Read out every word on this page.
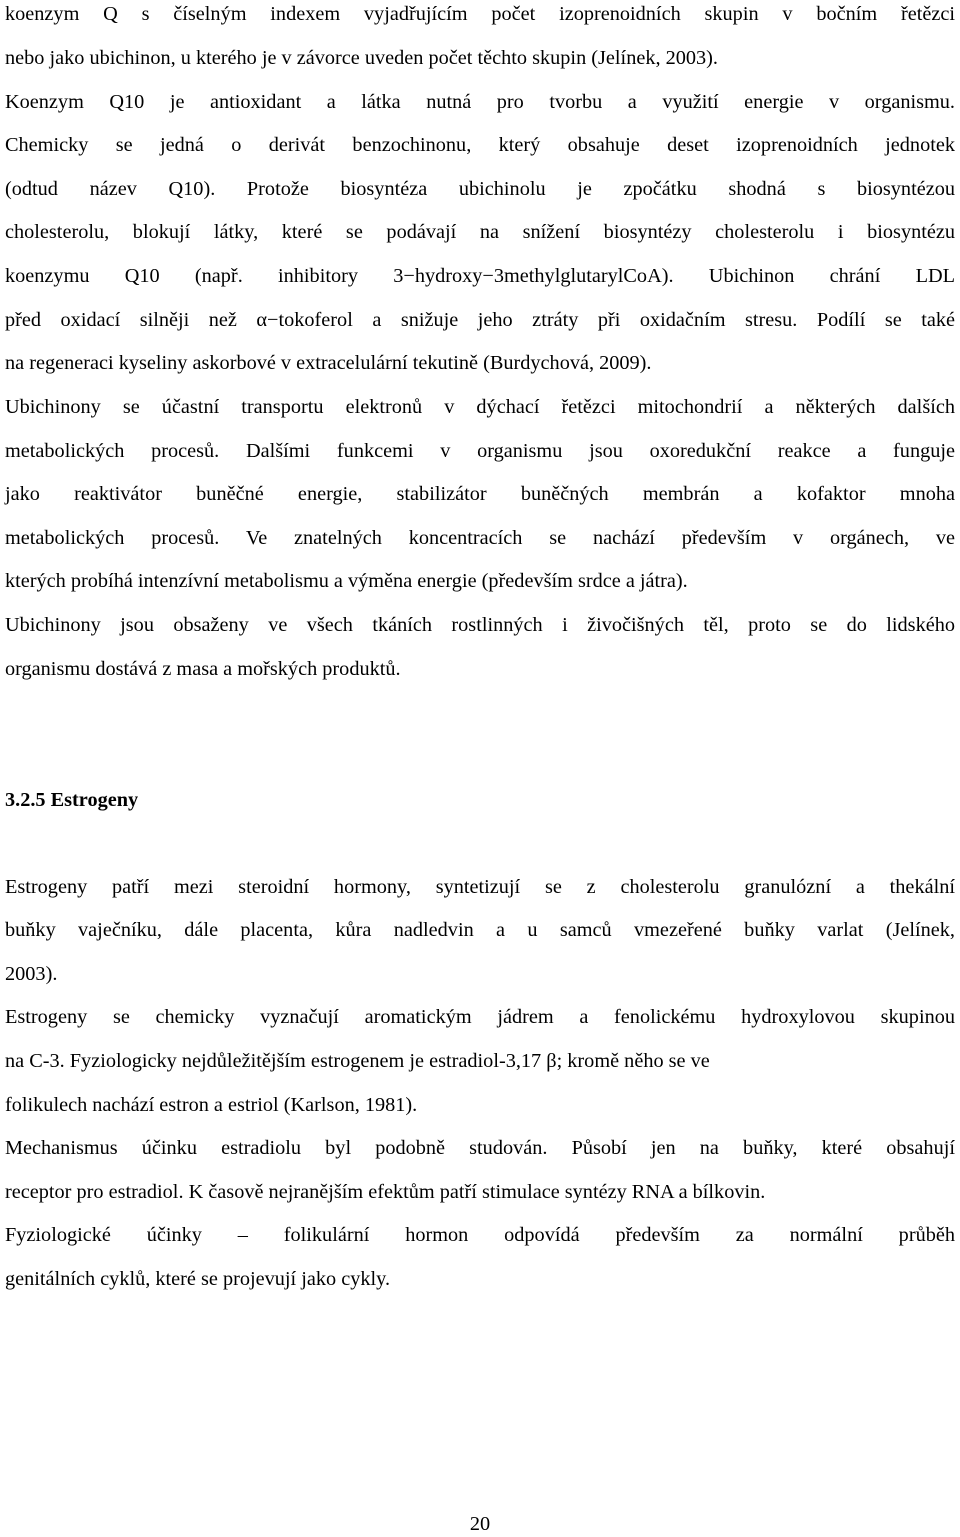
koenzym Q s číselným indexem vyjadřujícím počet izoprenoidních skupin v bočním řetězci
nebo jako ubichinon, u kterého je v závorce uveden počet těchto skupin (Jelínek, 2003).
Koenzym Q10 je antioxidant a látka nutná pro tvorbu a využití energie v organismu.
Chemicky se jedná o derivát benzochinonu, který obsahuje deset izoprenoidních jednotek
(odtud název Q10). Protože biosyntéza ubichinolu je zpočátku shodná s biosyntézou
cholesterolu, blokují látky, které se podávají na snížení biosyntézy cholesterolu i biosyntézu
koenzymu Q10 (např. inhibitory 3−hydroxy−3methylglutarylCoA). Ubichinon chrání LDL
před oxidací silněji než α−tokoferol a snižuje jeho ztráty při oxidačním stresu. Podílí se také
na regeneraci kyseliny askorbové v extracelulární tekutině (Burdychová, 2009).
Ubichinony se účastní transportu elektronů v dýchací řetězci mitochondrií a některých dalších
metabolických procesů. Dalšími funkcemi v organismu jsou oxoredukční reakce a funguje
jako reaktivátor buněčné energie, stabilizátor buněčných membrán a kofaktor mnoha
metabolických procesů. Ve znatelných koncentracích se nachází především v orgánech, ve
kterých probíhá intenzívní metabolismu a výměna energie (především srdce a játra).
Ubichinony jsou obsaženy ve všech tkáních rostlinných i živočišných těl, proto se do lidského
organismu dostává z masa a mořských produktů.
3.2.5 Estrogeny
Estrogeny patří mezi steroidní hormony, syntetizují se z cholesterolu granulózní a thekální
buňky vaječníku, dále placenta, kůra nadledvin a u samců vmezeřené buňky varlat (Jelínek,
2003).
Estrogeny se chemicky vyznačují aromatickým jádrem a fenolickému hydroxylovou skupinou
na C-3. Fyziologicky nejdůležitějším estrogenem je estradiol-3,17 β; kromě něho se ve
folikulech nachází estron a estriol (Karlson, 1981).
Mechanismus účinku estradiolu byl podobně studován. Působí jen na buňky, které obsahují
receptor pro estradiol. K časově nejranějším efektům patří stimulace syntézy RNA a bílkovin.
Fyziologické účinky – folikulární hormon odpovídá především za normální průběh
genitálních cyklů, které se projevují jako cykly.
20
